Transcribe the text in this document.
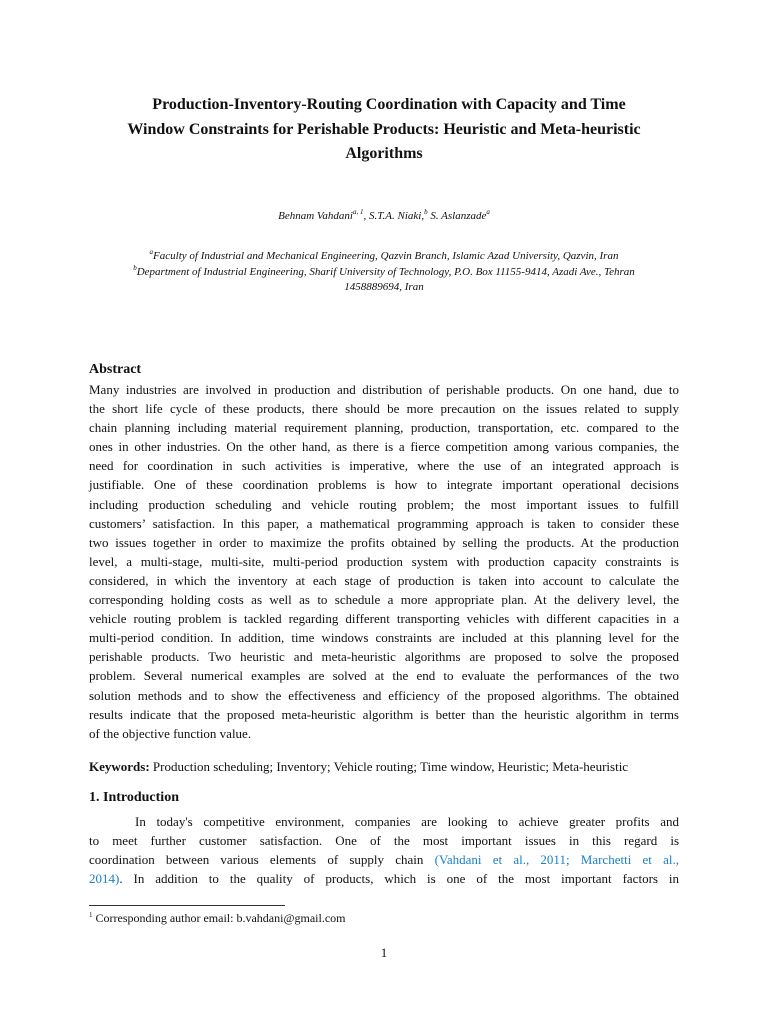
Production-Inventory-Routing Coordination with Capacity and Time
Window Constraints for Perishable Products: Heuristic and Meta-heuristic
Algorithms
Behnam Vahdani$^{a, 1}$, S.T.A. Niaki,$^b$ S. Aslanzade$^a$
$^a$Faculty of Industrial and Mechanical Engineering, Qazvin Branch, Islamic Azad University, Qazvin, Iran
$^b$Department of Industrial Engineering, Sharif University of Technology, P.O. Box 11155-9414, Azadi Ave., Tehran
1458889694, Iran
Abstract
Many industries are involved in production and distribution of perishable products. On one hand, due to
the short life cycle of these products, there should be more precaution on the issues related to supply
chain planning including material requirement planning, production, transportation, etc. compared to the
ones in other industries. On the other hand, as there is a fierce competition among various companies, the
need for coordination in such activities is imperative, where the use of an integrated approach is
justifiable. One of these coordination problems is how to integrate important operational decisions
including production scheduling and vehicle routing problem; the most important issues to fulfill
customers’ satisfaction. In this paper, a mathematical programming approach is taken to consider these
two issues together in order to maximize the profits obtained by selling the products. At the production
level, a multi-stage, multi-site, multi-period production system with production capacity constraints is
considered, in which the inventory at each stage of production is taken into account to calculate the
corresponding holding costs as well as to schedule a more appropriate plan. At the delivery level, the
vehicle routing problem is tackled regarding different transporting vehicles with different capacities in a
multi-period condition. In addition, time windows constraints are included at this planning level for the
perishable products. Two heuristic and meta-heuristic algorithms are proposed to solve the proposed
problem. Several numerical examples are solved at the end to evaluate the performances of the two
solution methods and to show the effectiveness and efficiency of the proposed algorithms. The obtained
results indicate that the proposed meta-heuristic algorithm is better than the heuristic algorithm in terms
of the objective function value.
Keywords: Production scheduling; Inventory; Vehicle routing; Time window, Heuristic; Meta-heuristic
1. Introduction
In today's competitive environment, companies are looking to achieve greater profits and
to meet further customer satisfaction. One of the most important issues in this regard is
coordination between various elements of supply chain (Vahdani et al., 2011; Marchetti et al.,
2014). In addition to the quality of products, which is one of the most important factors in
$^1$ Corresponding author email: b.vahdani@gmail.com
1
